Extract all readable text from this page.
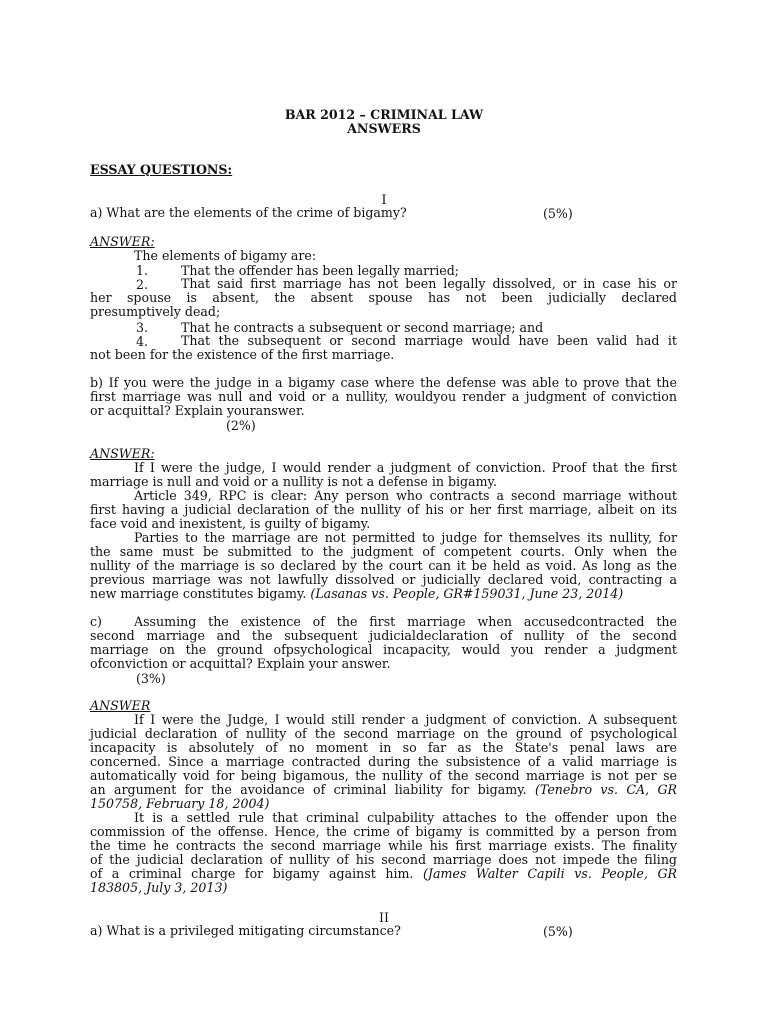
BAR 2012 – CRIMINAL LAW
ANSWERS
ESSAY QUESTIONS:
I
a) What are the elements of the crime of bigamy?	(5%)
ANSWER:
The elements of bigamy are:
1.	That the offender has been legally married;
2.	That said first marriage has not been legally dissolved, or in case his or
her spouse is absent, the absent spouse has not been judicially declared
presumptively dead;
3.	That he contracts a subsequent or second marriage; and
4.	That the subsequent or second marriage would have been valid had it
not been for the existence of the first marriage.
b) If you were the judge in a bigamy case where the defense was able to prove that the
first marriage was null and void or a nullity, wouldyou render a judgment of conviction
or acquittal? Explain youranswer.
(2%)
ANSWER:
If I were the judge, I would render a judgment of conviction. Proof that the first
marriage is null and void or a nullity is not a defense in bigamy.
Article 349, RPC is clear: Any person who contracts a second marriage without
first having a judicial declaration of the nullity of his or her first marriage, albeit on its
face void and inexistent, is guilty of bigamy.
Parties to the marriage are not permitted to judge for themselves its nullity, for
the same must be submitted to the judgment of competent courts. Only when the
nullity of the marriage is so declared by the court can it be held as void. As long as the
previous marriage was not lawfully dissolved or judicially declared void, contracting a
new marriage constitutes bigamy. (Lasanas vs. People, GR#159031, June 23, 2014)
c)	Assuming the existence of the first marriage when accusedcontracted the
second marriage and the subsequent judicialdeclaration of nullity of the second
marriage on the ground ofpsychological incapacity, would you render a judgment
ofconviction or acquittal? Explain your answer.
(3%)
ANSWER
If I were the Judge, I would still render a judgment of conviction. A subsequent
judicial declaration of nullity of the second marriage on the ground of psychological
incapacity is absolutely of no moment in so far as the State's penal laws are
concerned. Since a marriage contracted during the subsistence of a valid marriage is
automatically void for being bigamous, the nullity of the second marriage is not per se
an argument for the avoidance of criminal liability for bigamy. (Tenebro vs. CA, GR
150758, February 18, 2004)
It is a settled rule that criminal culpability attaches to the offender upon the
commission of the offense. Hence, the crime of bigamy is committed by a person from
the time he contracts the second marriage while his first marriage exists. The finality
of the judicial declaration of nullity of his second marriage does not impede the filing
of a criminal charge for bigamy against him. (James Walter Capili vs. People, GR
183805, July 3, 2013)
II
a) What is a privileged mitigating circumstance?	(5%)
